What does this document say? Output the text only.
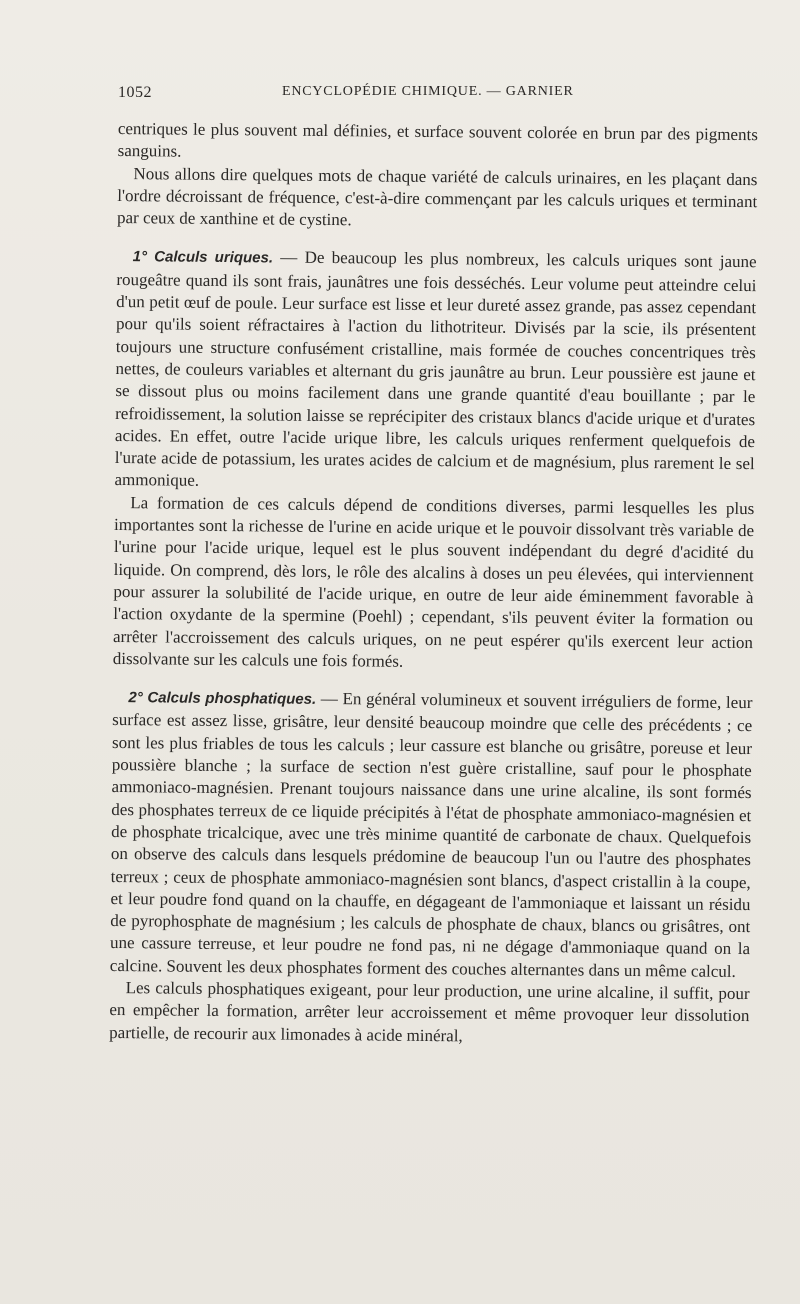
1052	ENCYCLOPÉDIE CHIMIQUE. — GARNIER

centriques le plus souvent mal définies, et surface souvent colorée en brun par des pigments sanguins.

Nous allons dire quelques mots de chaque variété de calculs urinaires, en les plaçant dans l'ordre décroissant de fréquence, c'est-à-dire commençant par les calculs uriques et terminant par ceux de xanthine et de cystine.

1° Calculs uriques. — De beaucoup les plus nombreux, les calculs uriques sont jaune rougeâtre quand ils sont frais, jaunâtres une fois desséchés. Leur volume peut atteindre celui d'un petit œuf de poule. Leur surface est lisse et leur dureté assez grande, pas assez cependant pour qu'ils soient réfractaires à l'action du lithotriteur. Divisés par la scie, ils présentent toujours une structure confusément cristalline, mais formée de couches concentriques très nettes, de couleurs variables et alternant du gris jaunâtre au brun. Leur poussière est jaune et se dissout plus ou moins facilement dans une grande quantité d'eau bouillante ; par le refroidissement, la solution laisse se reprécipiter des cristaux blancs d'acide urique et d'urates acides. En effet, outre l'acide urique libre, les calculs uriques renferment quelquefois de l'urate acide de potassium, les urates acides de calcium et de magnésium, plus rarement le sel ammonique.

La formation de ces calculs dépend de conditions diverses, parmi lesquelles les plus importantes sont la richesse de l'urine en acide urique et le pouvoir dissolvant très variable de l'urine pour l'acide urique, lequel est le plus souvent indépendant du degré d'acidité du liquide. On comprend, dès lors, le rôle des alcalins à doses un peu élevées, qui interviennent pour assurer la solubilité de l'acide urique, en outre de leur aide éminemment favorable à l'action oxydante de la spermine (Poehl) ; cependant, s'ils peuvent éviter la formation ou arrêter l'accroissement des calculs uriques, on ne peut espérer qu'ils exercent leur action dissolvante sur les calculs une fois formés.

2° Calculs phosphatiques. — En général volumineux et souvent irréguliers de forme, leur surface est assez lisse, grisâtre, leur densité beaucoup moindre que celle des précédents ; ce sont les plus friables de tous les calculs ; leur cassure est blanche ou grisâtre, poreuse et leur poussière blanche ; la surface de section n'est guère cristalline, sauf pour le phosphate ammoniaco-magnésien. Prenant toujours naissance dans une urine alcaline, ils sont formés des phosphates terreux de ce liquide précipités à l'état de phosphate ammoniaco-magnésien et de phosphate tricalcique, avec une très minime quantité de carbonate de chaux. Quelquefois on observe des calculs dans lesquels prédomine de beaucoup l'un ou l'autre des phosphates terreux ; ceux de phosphate ammoniaco-magnésien sont blancs, d'aspect cristallin à la coupe, et leur poudre fond quand on la chauffe, en dégageant de l'ammoniaque et laissant un résidu de pyrophosphate de magnésium ; les calculs de phosphate de chaux, blancs ou grisâtres, ont une cassure terreuse, et leur poudre ne fond pas, ni ne dégage d'ammoniaque quand on la calcine. Souvent les deux phosphates forment des couches alternantes dans un même calcul.

Les calculs phosphatiques exigeant, pour leur production, une urine alcaline, il suffit, pour en empêcher la formation, arrêter leur accroissement et même provoquer leur dissolution partielle, de recourir aux limonades à acide minéral,
